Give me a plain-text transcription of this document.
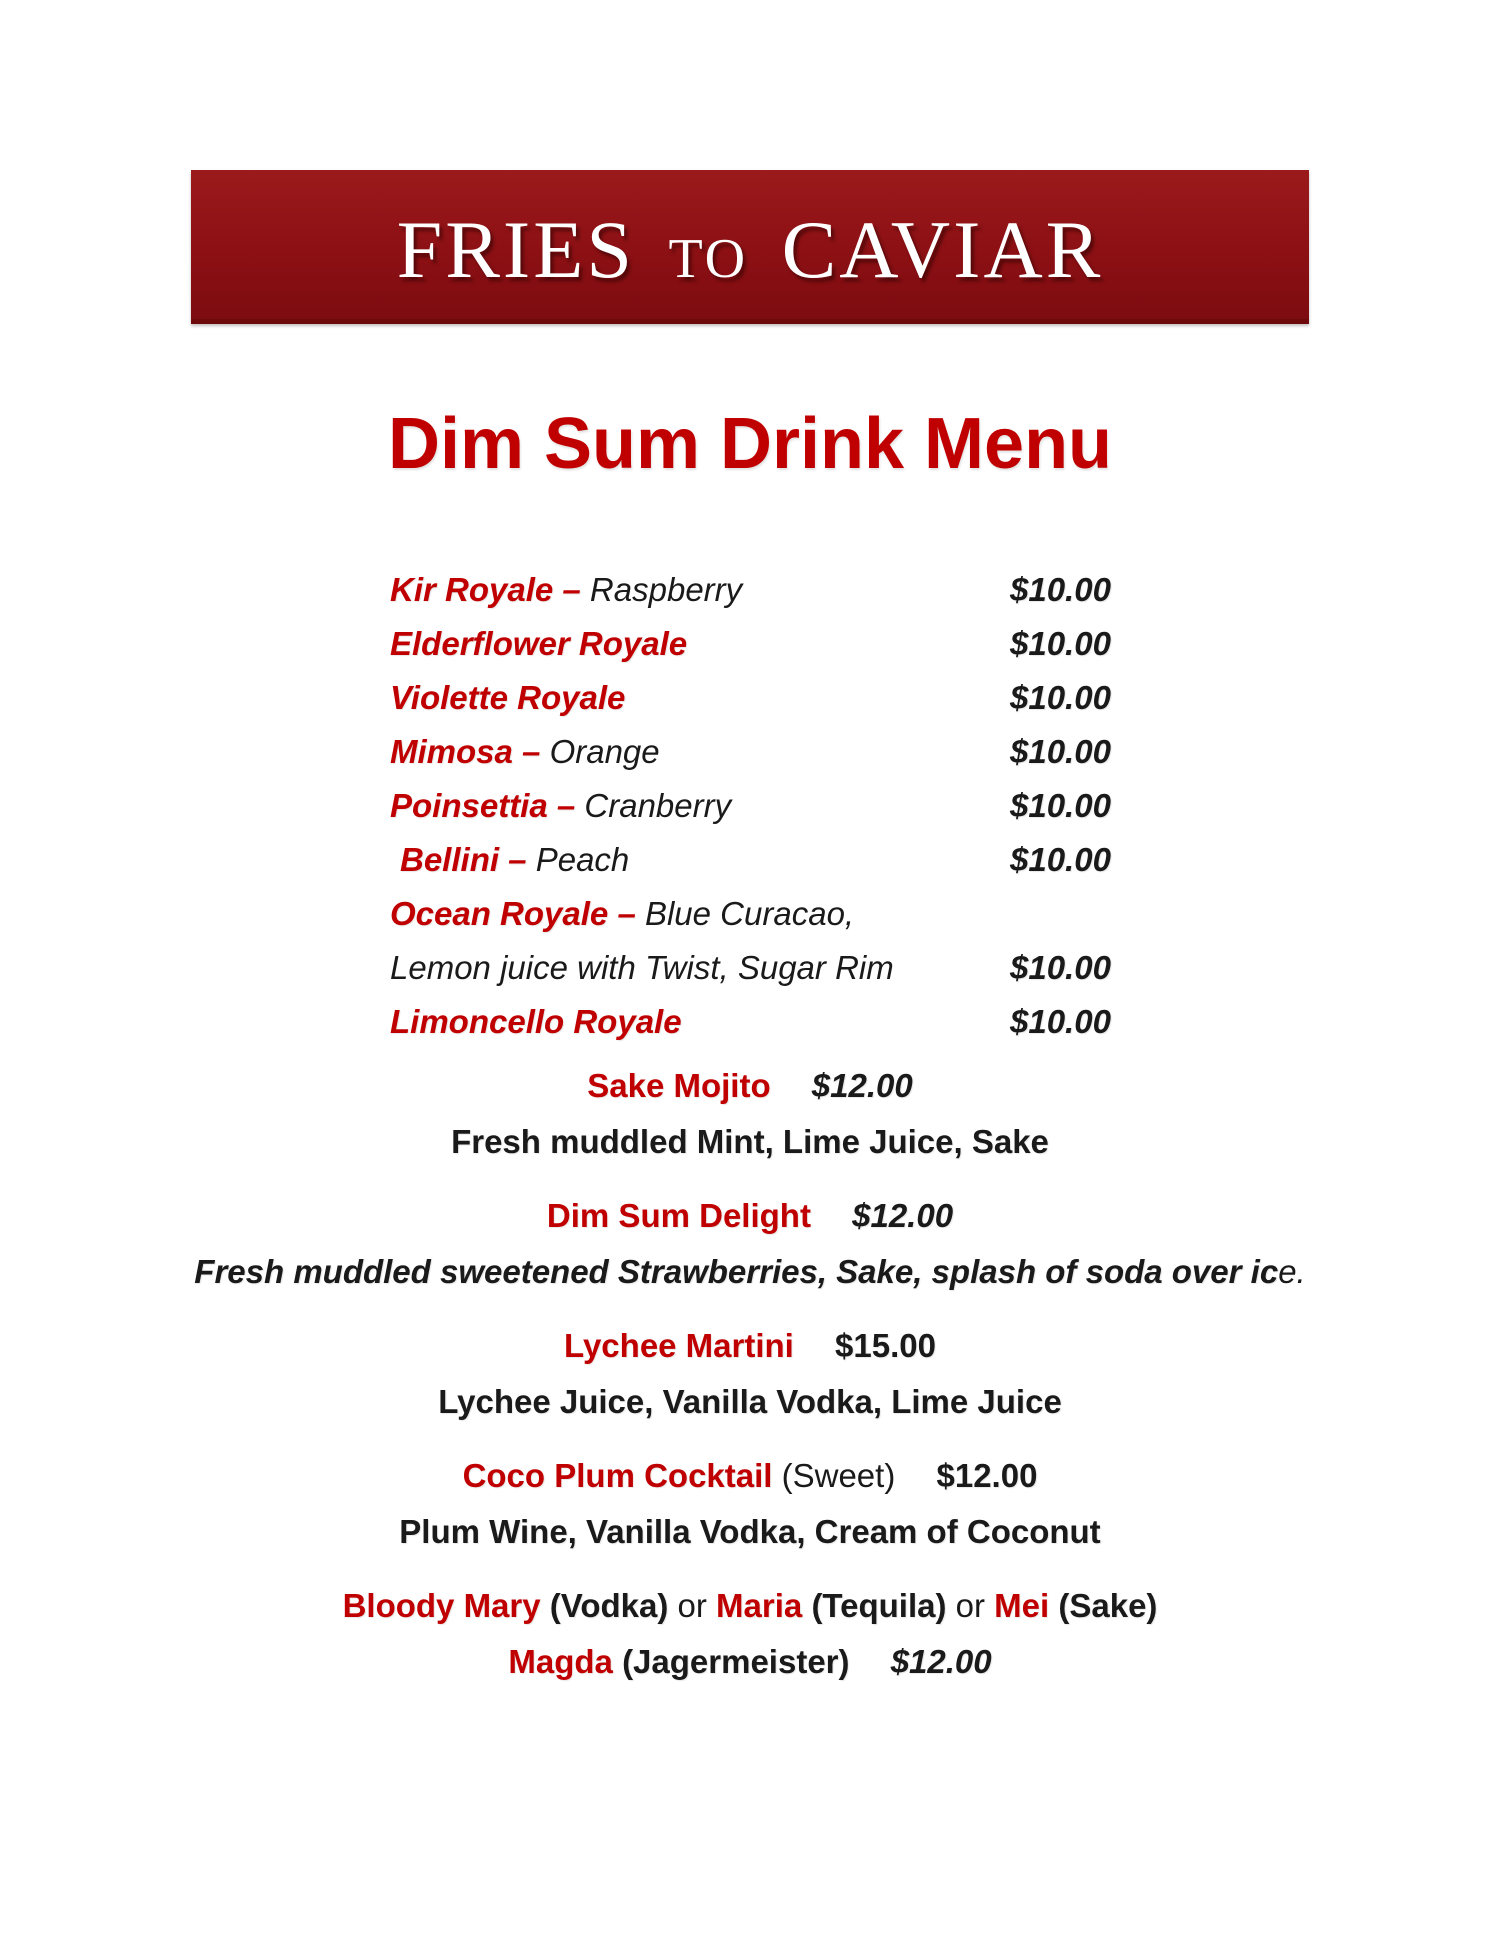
FRIES TO CAVIAR
Dim Sum Drink Menu
Kir Royale – Raspberry	$10.00
Elderflower Royale	$10.00
Violette Royale	$10.00
Mimosa – Orange	$10.00
Poinsettia – Cranberry	$10.00
Bellini – Peach	$10.00
Ocean Royale – Blue Curacao,
Lemon juice with Twist, Sugar Rim	$10.00
Limoncello Royale	$10.00
Sake Mojito $12.00
Fresh muddled Mint, Lime Juice, Sake
Dim Sum Delight $12.00
Fresh muddled sweetened Strawberries, Sake, splash of soda over ice.
Lychee Martini $15.00
Lychee Juice, Vanilla Vodka, Lime Juice
Coco Plum Cocktail (Sweet) $12.00
Plum Wine, Vanilla Vodka, Cream of Coconut
Bloody Mary (Vodka) or Maria (Tequila) or Mei (Sake)
Magda (Jagermeister) $12.00
